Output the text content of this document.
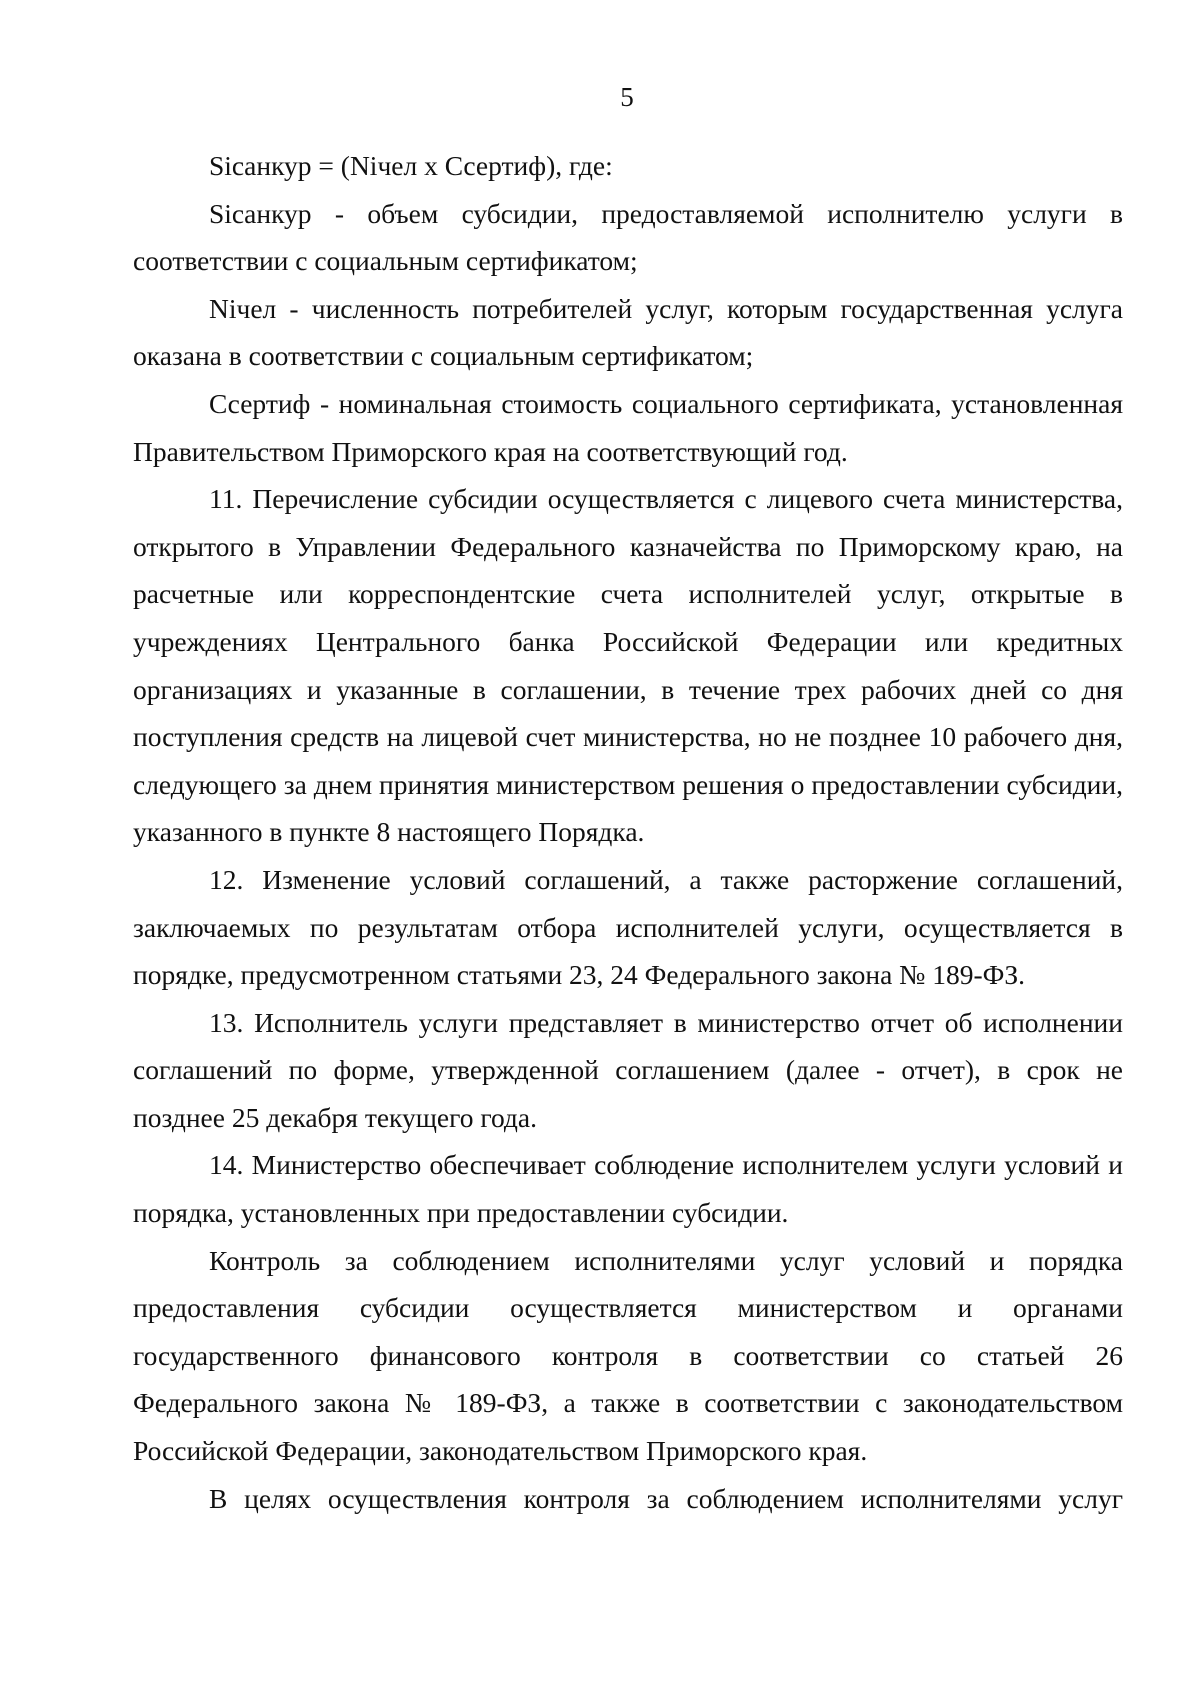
5

Sicанкур = (Niчел x Ссертиф), где:

Sicанкур - объем субсидии, предоставляемой исполнителю услуги в соответствии с социальным сертификатом;

Niчел - численность потребителей услуг, которым государственная услуга оказана в соответствии с социальным сертификатом;

Ссертиф - номинальная стоимость социального сертификата, установленная Правительством Приморского края на соответствующий год.

11. Перечисление субсидии осуществляется с лицевого счета министерства, открытого в Управлении Федерального казначейства по Приморскому краю, на расчетные или корреспондентские счета исполнителей услуг, открытые в учреждениях Центрального банка Российской Федерации или кредитных организациях и указанные в соглашении, в течение трех рабочих дней со дня поступления средств на лицевой счет министерства, но не позднее 10 рабочего дня, следующего за днем принятия министерством решения о предоставлении субсидии, указанного в пункте 8 настоящего Порядка.

12. Изменение условий соглашений, а также расторжение соглашений, заключаемых по результатам отбора исполнителей услуги, осуществляется в порядке, предусмотренном статьями 23, 24 Федерального закона № 189-ФЗ.

13. Исполнитель услуги представляет в министерство отчет об исполнении соглашений по форме, утвержденной соглашением (далее - отчет), в срок не позднее 25 декабря текущего года.

14. Министерство обеспечивает соблюдение исполнителем услуги условий и порядка, установленных при предоставлении субсидии.

Контроль за соблюдением исполнителями услуг условий и порядка предоставления субсидии осуществляется министерством и органами государственного финансового контроля в соответствии со статьей 26 Федерального закона № 189-ФЗ, а также в соответствии с законодательством Российской Федерации, законодательством Приморского края.

В целях осуществления контроля за соблюдением исполнителями услуг
